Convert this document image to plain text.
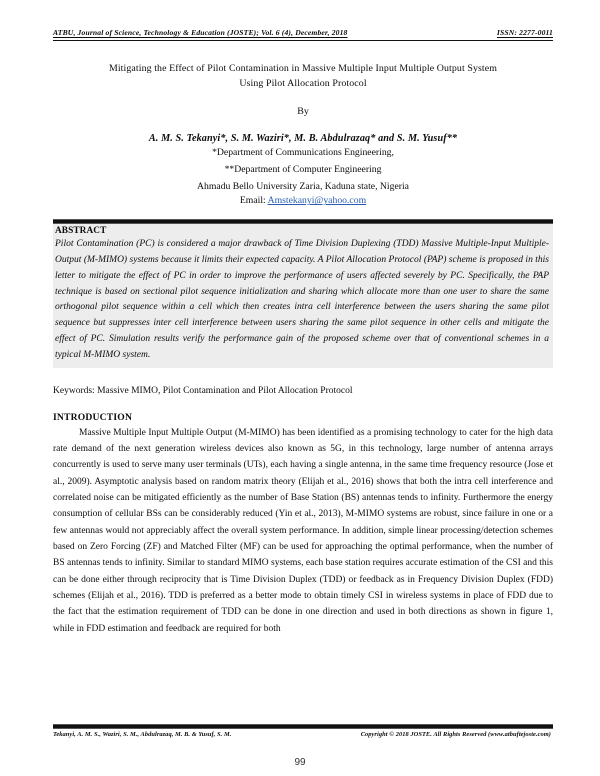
ATBU, Journal of Science, Technology & Education (JOSTE); Vol. 6 (4), December, 2018	ISSN: 2277-0011
Mitigating the Effect of Pilot Contamination in Massive Multiple Input Multiple Output System
Using Pilot Allocation Protocol
By
A. M. S. Tekanyi*, S. M. Waziri*, M. B. Abdulrazaq* and S. M. Yusuf**
*Department of Communications Engineering,
**Department of Computer Engineering
Ahmadu Bello University Zaria, Kaduna state, Nigeria
Email: Amstekanyi@yahoo.com
ABSTRACT
Pilot Contamination (PC) is considered a major drawback of Time Division Duplexing (TDD) Massive Multiple-Input Multiple-Output (M-MIMO) systems because it limits their expected capacity. A Pilot Allocation Protocol (PAP) scheme is proposed in this letter to mitigate the effect of PC in order to improve the performance of users affected severely by PC. Specifically, the PAP technique is based on sectional pilot sequence initialization and sharing which allocate more than one user to share the same orthogonal pilot sequence within a cell which then creates intra cell interference between the users sharing the same pilot sequence but suppresses inter cell interference between users sharing the same pilot sequence in other cells and mitigate the effect of PC. Simulation results verify the performance gain of the proposed scheme over that of conventional schemes in a typical M-MIMO system.
Keywords: Massive MIMO, Pilot Contamination and Pilot Allocation Protocol
INTRODUCTION
Massive Multiple Input Multiple Output (M-MIMO) has been identified as a promising technology to cater for the high data rate demand of the next generation wireless devices also known as 5G, in this technology, large number of antenna arrays concurrently is used to serve many user terminals (UTs), each having a single antenna, in the same time frequency resource (Jose et al., 2009). Asymptotic analysis based on random matrix theory (Elijah et al., 2016) shows that both the intra cell interference and correlated noise can be mitigated efficiently as the number of Base Station (BS) antennas tends to infinity. Furthermore the energy consumption of cellular BSs can be considerably reduced (Yin et al., 2013), M-MIMO systems are robust, since failure in one or a few antennas would not appreciably affect the overall system performance. In addition, simple linear processing/detection schemes based on Zero Forcing (ZF) and Matched Filter (MF) can be used for approaching the optimal performance, when the number of BS antennas tends to infinity. Similar to standard MIMO systems, each base station requires accurate estimation of the CSI and this can be done either through reciprocity that is Time Division Duplex (TDD) or feedback as in Frequency Division Duplex (FDD) schemes (Elijah et al., 2016). TDD is preferred as a better mode to obtain timely CSI in wireless systems in place of FDD due to the fact that the estimation requirement of TDD can be done in one direction and used in both directions as shown in figure 1, while in FDD estimation and feedback are required for both
Tekanyi, A. M. S., Waziri, S. M., Abdulrazaq, M. B. & Yusuf, S. M.	Copyright © 2018 JOSTE. All Rights Reserved (www.atbuftejoste.com)
99
